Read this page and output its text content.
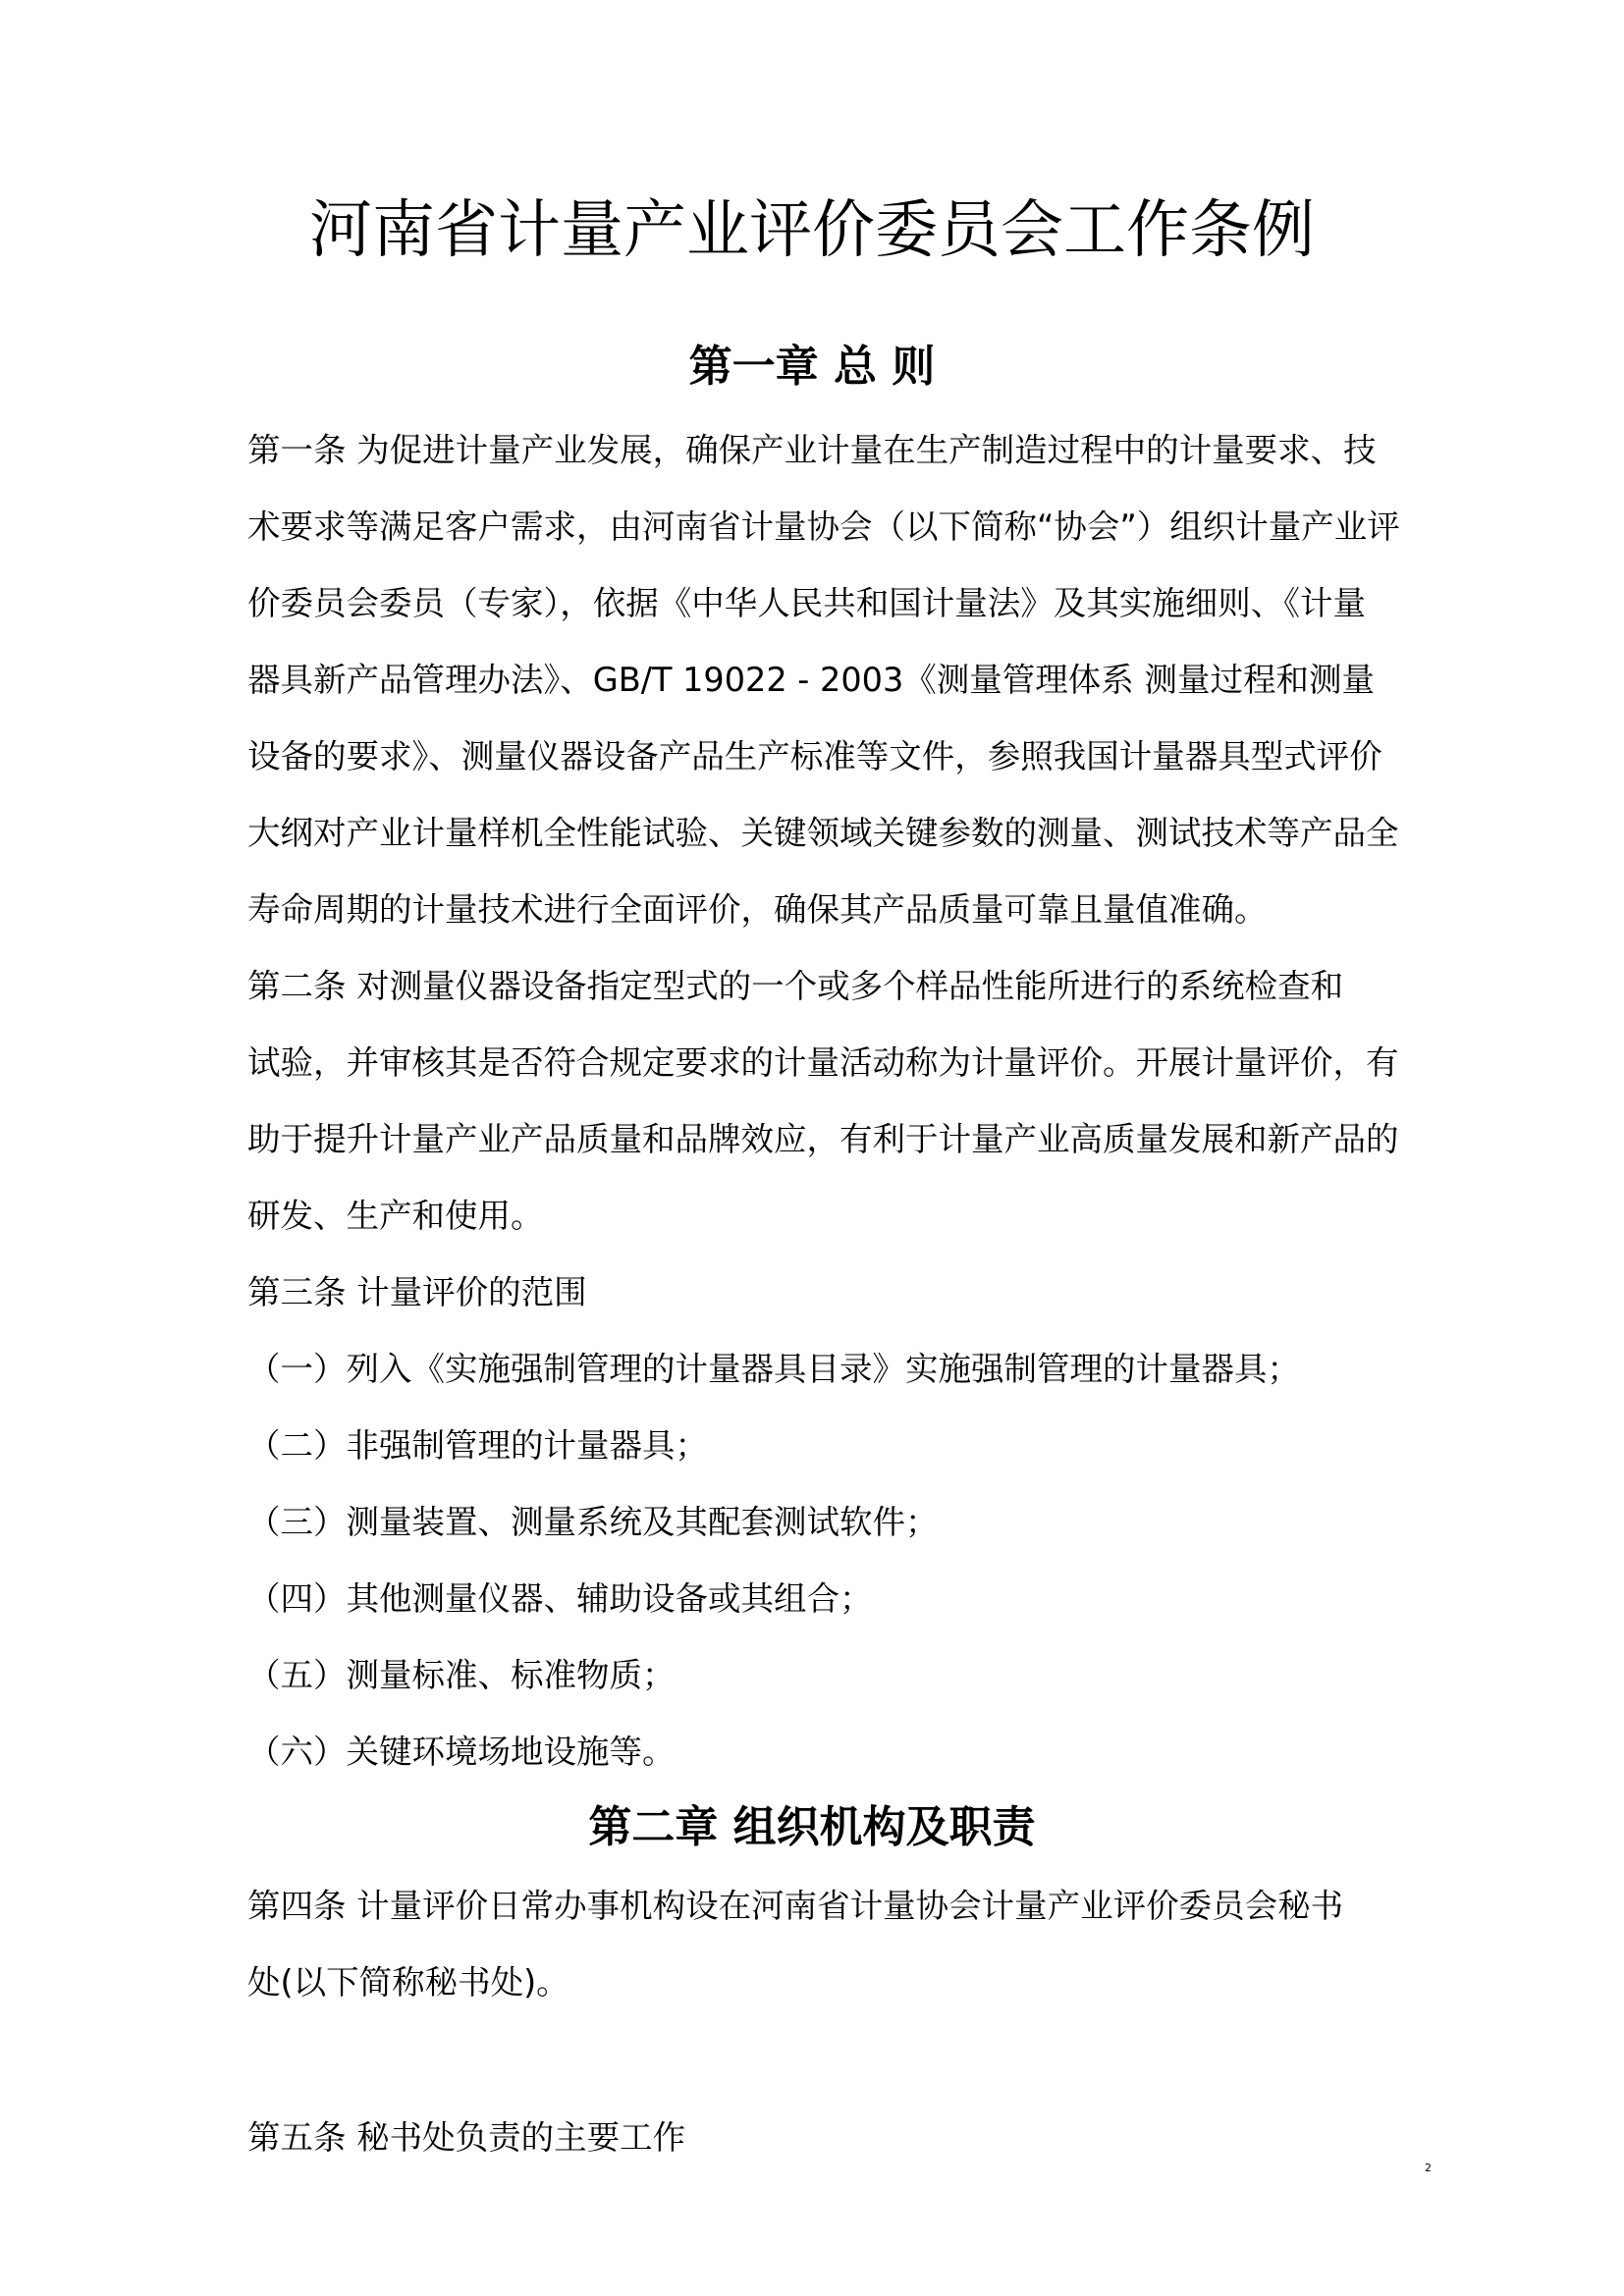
河南省计量产业评价委员会工作条例
第一章 总 则
第一条 为促进计量产业发展，确保产业计量在生产制造过程中的计量要求、技
术要求等满足客户需求，由河南省计量协会（以下简称“协会”）组织计量产业评
价委员会委员（专家），依据《中华人民共和国计量法》及其实施细则、《计量
器具新产品管理办法》、GB/T 19022 - 2003《测量管理体系 测量过程和测量
设备的要求》、测量仪器设备产品生产标准等文件，参照我国计量器具型式评价
大纲对产业计量样机全性能试验、关键领域关键参数的测量、测试技术等产品全
寿命周期的计量技术进行全面评价，确保其产品质量可靠且量值准确。
第二条 对测量仪器设备指定型式的一个或多个样品性能所进行的系统检查和
试验，并审核其是否符合规定要求的计量活动称为计量评价。开展计量评价，有
助于提升计量产业产品质量和品牌效应，有利于计量产业高质量发展和新产品的
研发、生产和使用。
第三条 计量评价的范围
（一）列入《实施强制管理的计量器具目录》实施强制管理的计量器具；
（二）非强制管理的计量器具；
（三）测量装置、测量系统及其配套测试软件；
（四）其他测量仪器、辅助设备或其组合；
（五）测量标准、标准物质；
（六）关键环境场地设施等。
第二章 组织机构及职责
第四条 计量评价日常办事机构设在河南省计量协会计量产业评价委员会秘书
处(以下简称秘书处)。
第五条 秘书处负责的主要工作
2
